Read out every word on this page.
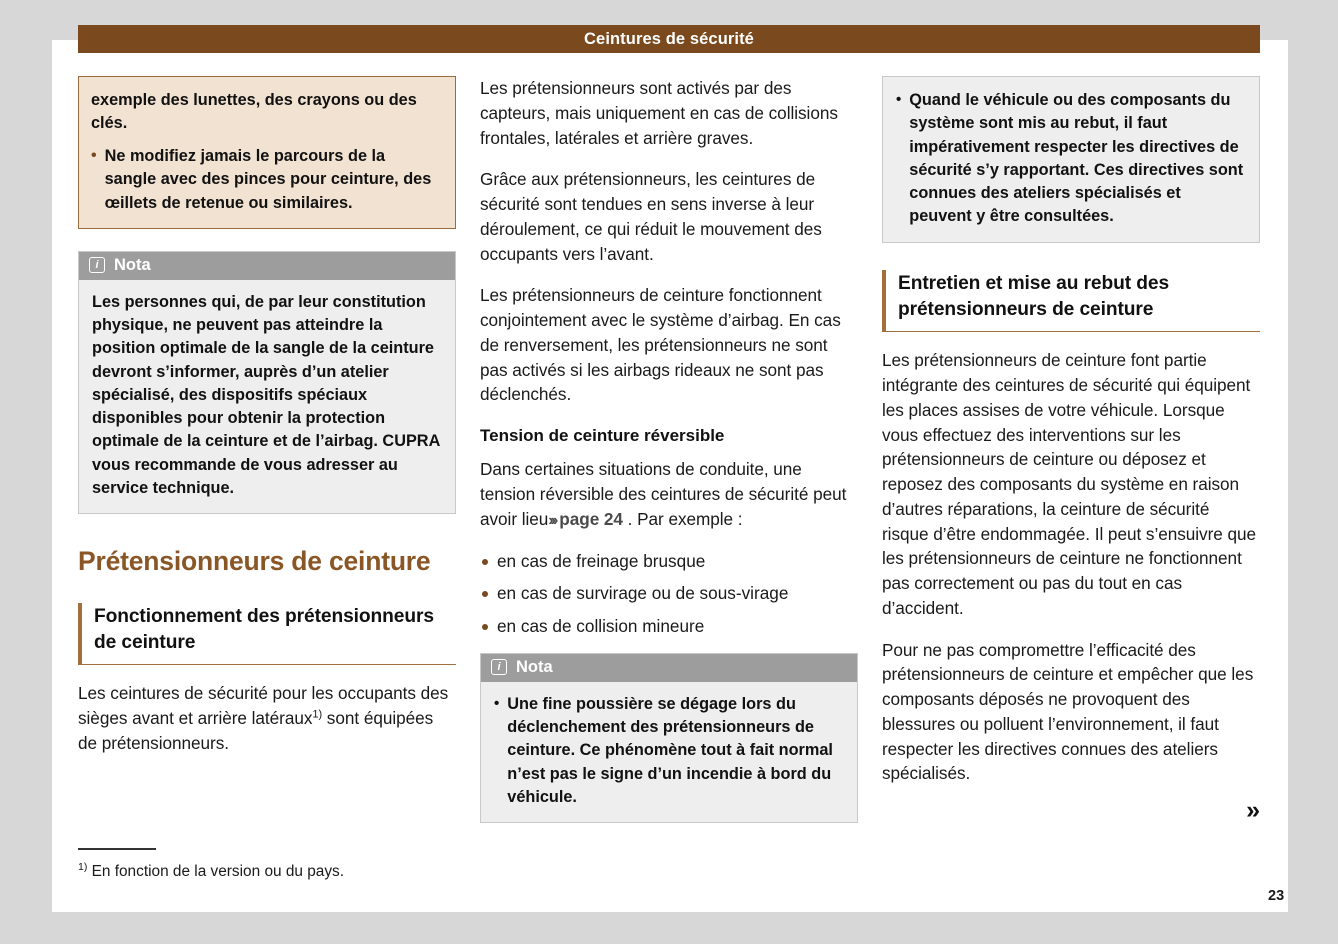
Ceintures de sécurité

exemple des lunettes, des crayons ou des clés.

• Ne modifiez jamais le parcours de la sangle avec des pinces pour ceinture, des œillets de retenue ou similaires.

i Nota

Les personnes qui, de par leur constitution physique, ne peuvent pas atteindre la position optimale de la sangle de la ceinture devront s’informer, auprès d’un atelier spécialisé, des dispositifs spéciaux disponibles pour obtenir la protection optimale de la ceinture et de l’airbag. CUPRA vous recommande de vous adresser au service technique.

Prétensionneurs de ceinture
Fonctionnement des prétensionneurs de ceinture

Les ceintures de sécurité pour les occupants des sièges avant et arrière latéraux$^{1)}$ sont équipées de prétensionneurs.

Les prétensionneurs sont activés par des capteurs, mais uniquement en cas de collisions frontales, latérales et arrière graves.

Grâce aux prétensionneurs, les ceintures de sécurité sont tendues en sens inverse à leur déroulement, ce qui réduit le mouvement des occupants vers l’avant.

Les prétensionneurs de ceinture fonctionnent conjointement avec le système d’airbag. En cas de renversement, les prétensionneurs ne sont pas activés si les airbags rideaux ne sont pas déclenchés.

Tension de ceinture réversible

Dans certaines situations de conduite, une tension réversible des ceintures de sécurité peut avoir lieu››› page 24 . Par exemple :

en cas de freinage brusque
en cas de survirage ou de sous-virage
en cas de collision mineure
i Nota

• Une fine poussière se dégage lors du déclenchement des prétensionneurs de ceinture. Ce phénomène tout à fait normal n’est pas le signe d’un incendie à bord du véhicule.

• Quand le véhicule ou des composants du système sont mis au rebut, il faut impérativement respecter les directives de sécurité s’y rapportant. Ces directives sont connues des ateliers spécialisés et peuvent y être consultées.

Entretien et mise au rebut des prétensionneurs de ceinture

Les prétensionneurs de ceinture font partie intégrante des ceintures de sécurité qui équipent les places assises de votre véhicule. Lorsque vous effectuez des interventions sur les prétensionneurs de ceinture ou déposez et reposez des composants du système en raison d’autres réparations, la ceinture de sécurité risque d’être endommagée. Il peut s’ensuivre que les prétensionneurs de ceinture ne fonctionnent pas correctement ou pas du tout en cas d’accident.

Pour ne pas compromettre l’efficacité des prétensionneurs de ceinture et empêcher que les composants déposés ne provoquent des blessures ou polluent l’environnement, il faut respecter les directives connues des ateliers spécialisés.

»
$^{1)}$ En fonction de la version ou du pays.
23
